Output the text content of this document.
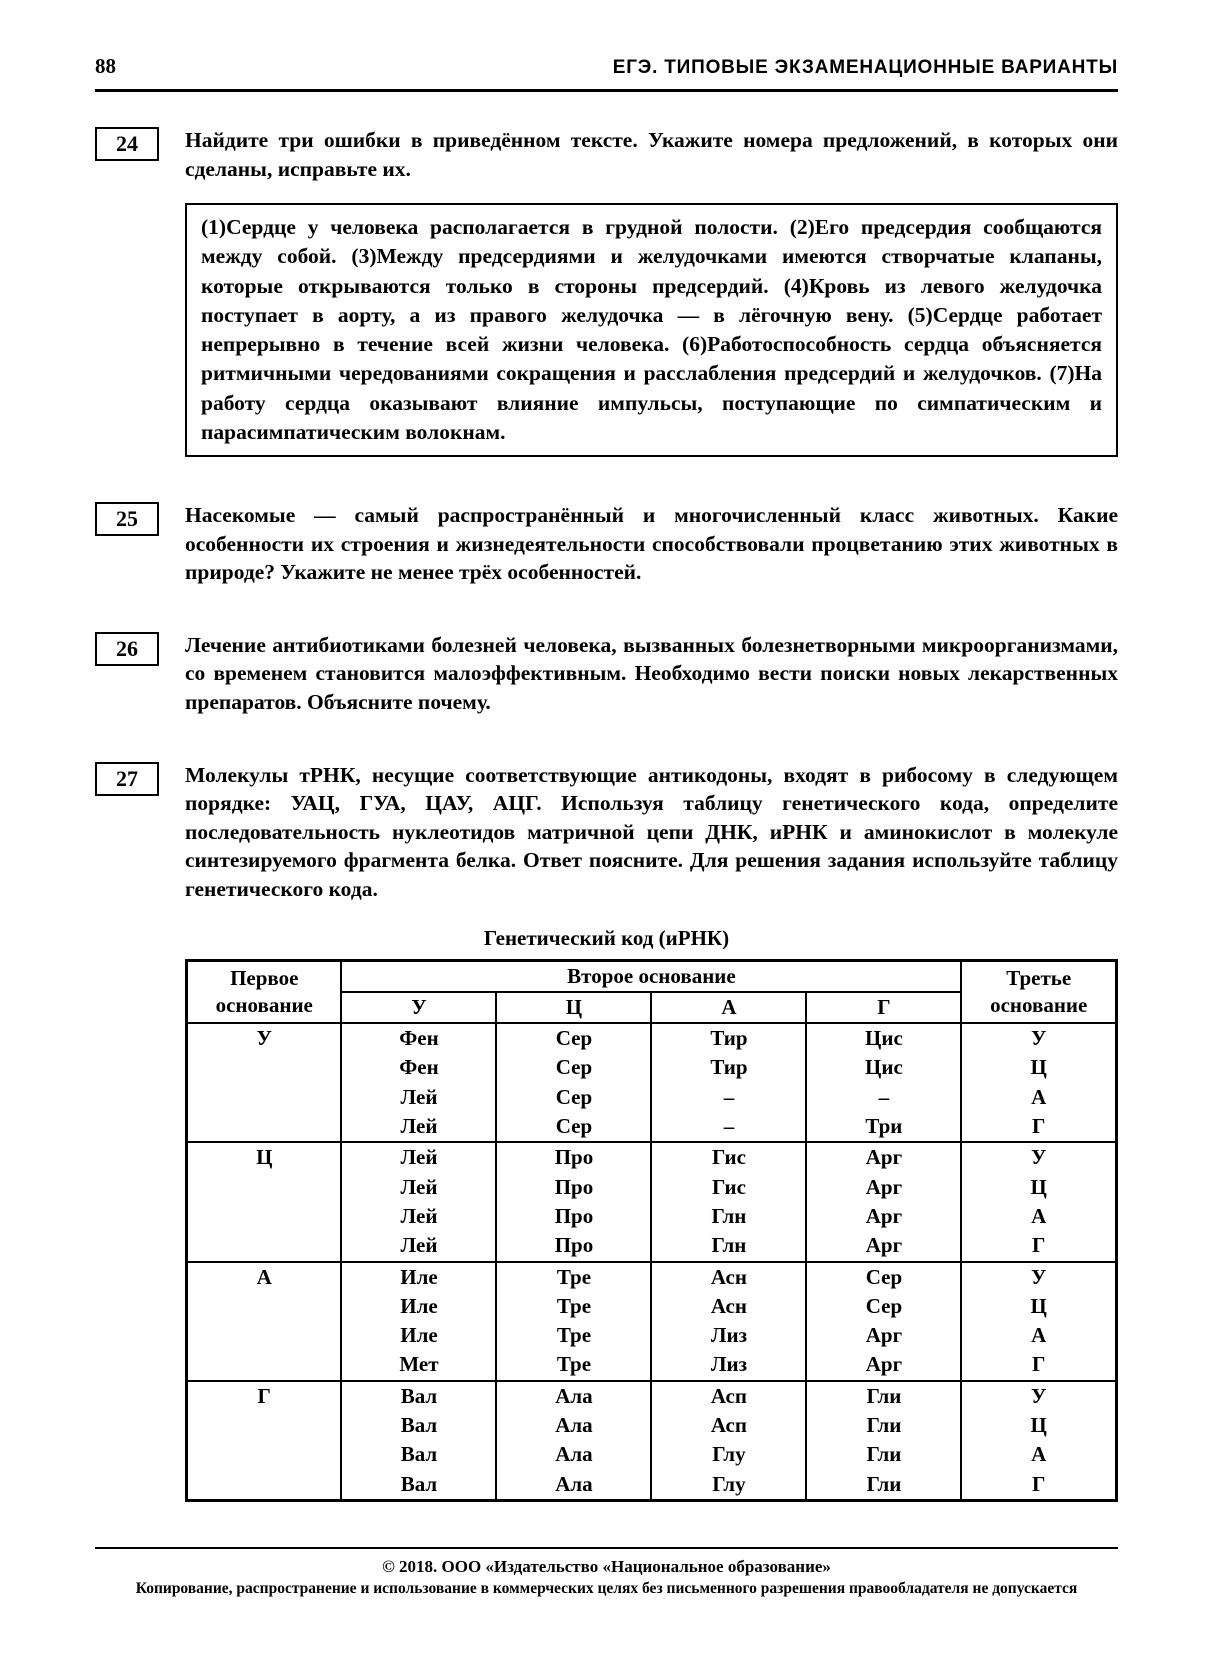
88	ЕГЭ. ТИПОВЫЕ ЭКЗАМЕНАЦИОННЫЕ ВАРИАНТЫ
24	Найдите три ошибки в приведённом тексте. Укажите номера предложений, в которых они сделаны, исправьте их.
(1)Сердце у человека располагается в грудной полости. (2)Его предсердия сообщаются между собой. (3)Между предсердиями и желудочками имеются створчатые клапаны, которые открываются только в стороны предсердий. (4)Кровь из левого желудочка поступает в аорту, а из правого желудочка — в лёгочную вену. (5)Сердце работает непрерывно в течение всей жизни человека. (6)Работоспособность сердца объясняется ритмичными чередованиями сокращения и расслабления предсердий и желудочков. (7)На работу сердца оказывают влияние импульсы, поступающие по симпатическим и парасимпатическим волокнам.
25	Насекомые — самый распространённый и многочисленный класс животных. Какие особенности их строения и жизнедеятельности способствовали процветанию этих животных в природе? Укажите не менее трёх особенностей.
26	Лечение антибиотиками болезней человека, вызванных болезнетворными микроорганизмами, со временем становится малоэффективным. Необходимо вести поиски новых лекарственных препаратов. Объясните почему.
27	Молекулы тРНК, несущие соответствующие антикодоны, входят в рибосому в следующем порядке: УАЦ, ГУА, ЦАУ, АЦГ. Используя таблицу генетического кода, определите последовательность нуклеотидов матричной цепи ДНК, иРНК и аминокислот в молекуле синтезируемого фрагмента белка. Ответ поясните. Для решения задания используйте таблицу генетического кода.
Генетический код (иРНК)
Первое основание	Второе основание				Третье основание
	У	Ц	А	Г	
У	Фен	Сер	Тир	Цис	У
	Фен	Сер	Тир	Цис	Ц
	Лей	Сер	–	–	А
	Лей	Сер	–	Три	Г
Ц	Лей	Про	Гис	Арг	У
	Лей	Про	Гис	Арг	Ц
	Лей	Про	Глн	Арг	А
	Лей	Про	Глн	Арг	Г
А	Иле	Тре	Асн	Сер	У
	Иле	Тре	Асн	Сер	Ц
	Иле	Тре	Лиз	Арг	А
	Мет	Тре	Лиз	Арг	Г
Г	Вал	Ала	Асп	Гли	У
	Вал	Ала	Асп	Гли	Ц
	Вал	Ала	Глу	Гли	А
	Вал	Ала	Глу	Гли	Г
© 2018. ООО «Издательство «Национальное образование»
Копирование, распространение и использование в коммерческих целях без письменного разрешения правообладателя не допускается
